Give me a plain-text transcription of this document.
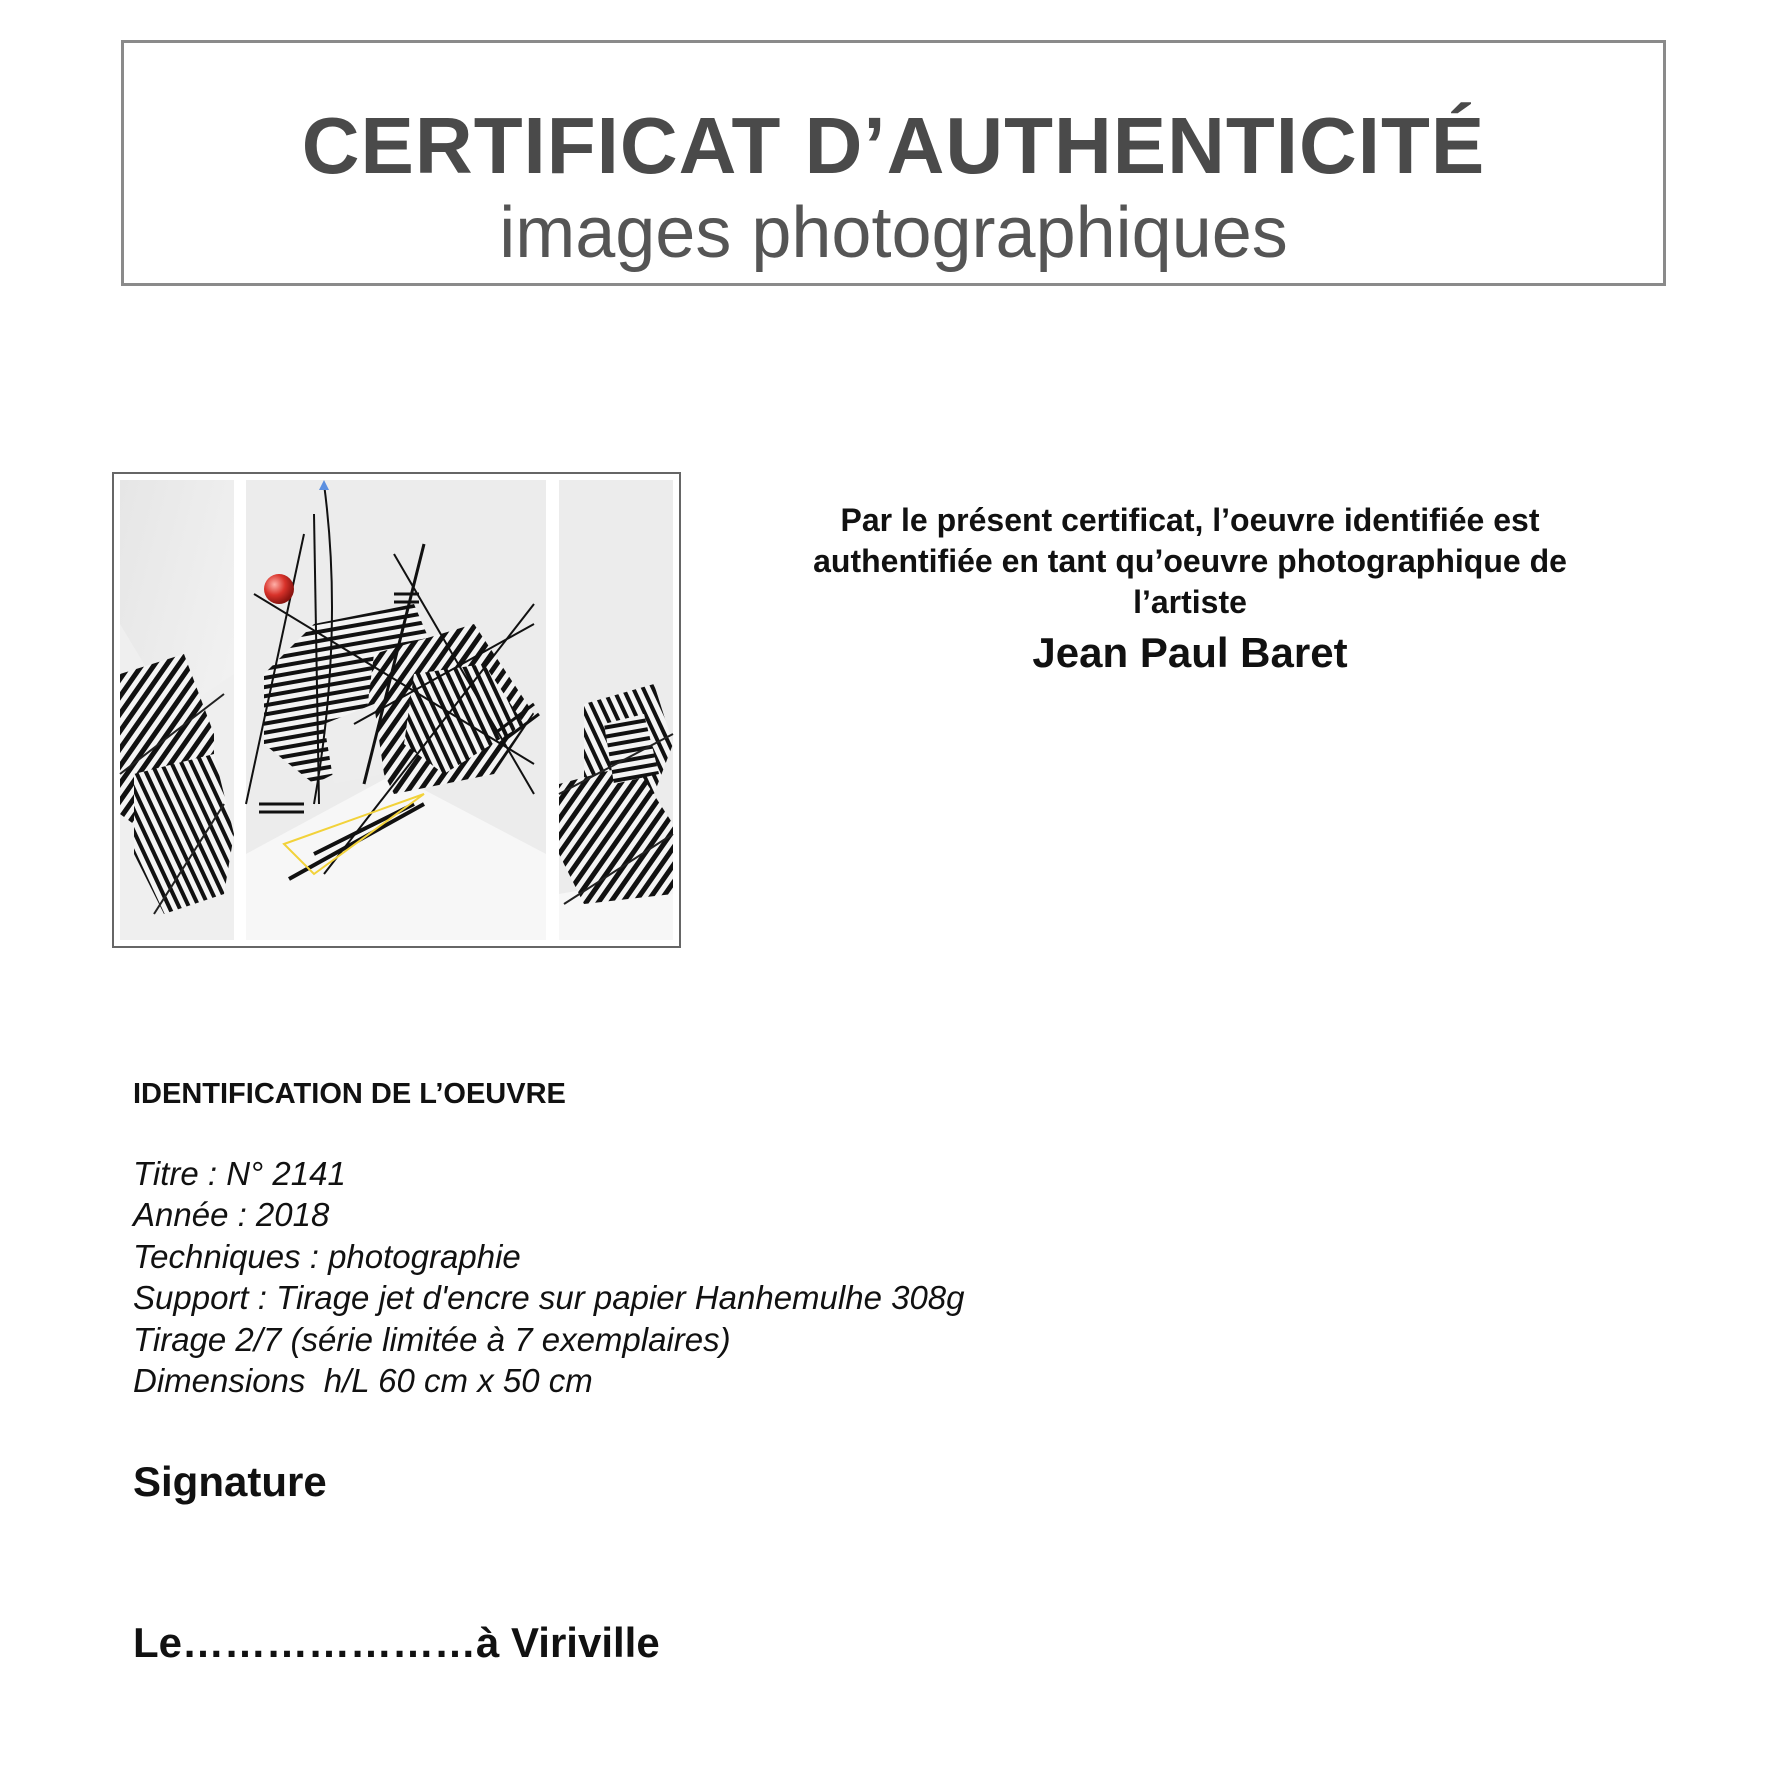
CERTIFICAT D’AUTHENTICITÉ
images photographiques
Par le présent certificat, l’oeuvre identifiée est
authentifiée en tant qu’oeuvre photographique de
l’artiste
Jean Paul Baret
IDENTIFICATION DE L’OEUVRE
Titre : N° 2141
Année : 2018
Techniques : photographie
Support : Tirage jet d'encre sur papier Hanhemulhe 308g
Tirage 2/7 (série limitée à 7 exemplaires)
Dimensions  h/L 60 cm x 50 cm
Signature
Le…………………à Viriville
